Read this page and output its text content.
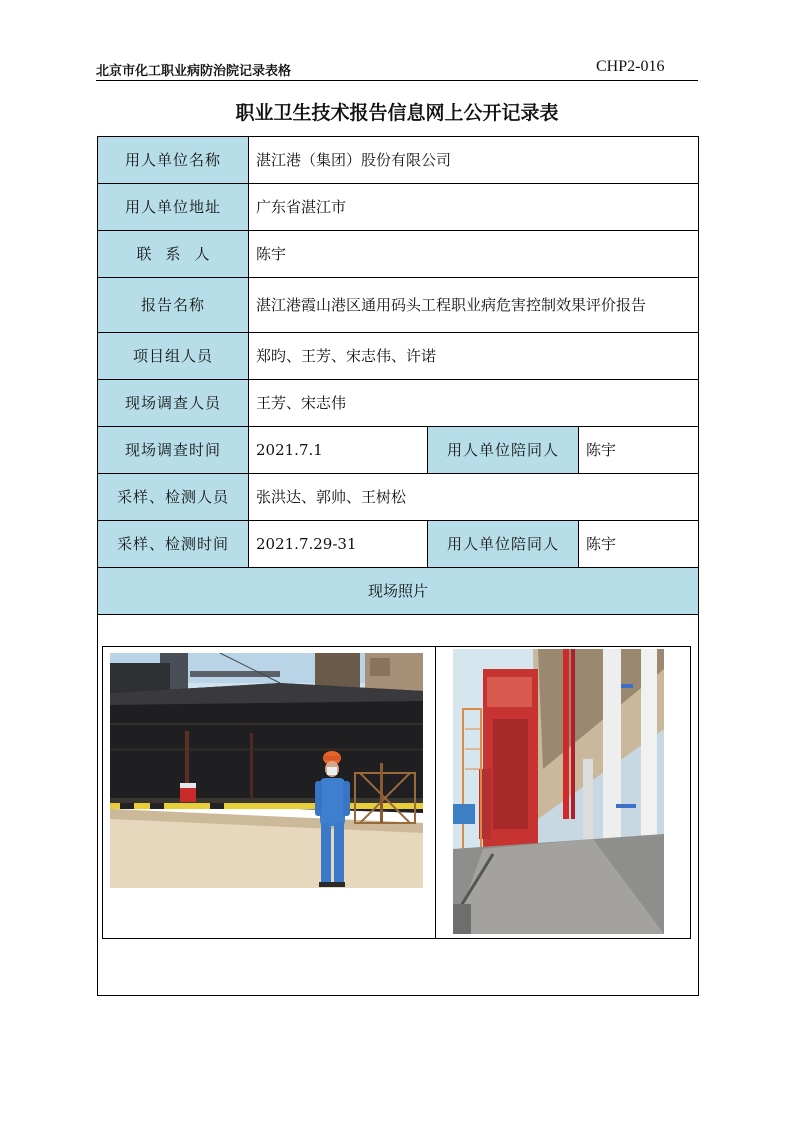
北京市化工职业病防治院记录表格	CHP2-016
职业卫生技术报告信息网上公开记录表
用人单位名称	湛江港（集团）股份有限公司		
用人单位地址	广东省湛江市		
联系人	陈宇		
报告名称	湛江港霞山港区通用码头工程职业病危害控制效果评价报告		
项目组人员	郑昀、王芳、宋志伟、许诺		
现场调查人员	王芳、宋志伟		
现场调查时间	2021.7.1	用人单位陪同人	陈宇
采样、检测人员	张洪达、郭帅、王树松		
采样、检测时间	2021.7.29-31	用人单位陪同人	陈宇
现场照片			
